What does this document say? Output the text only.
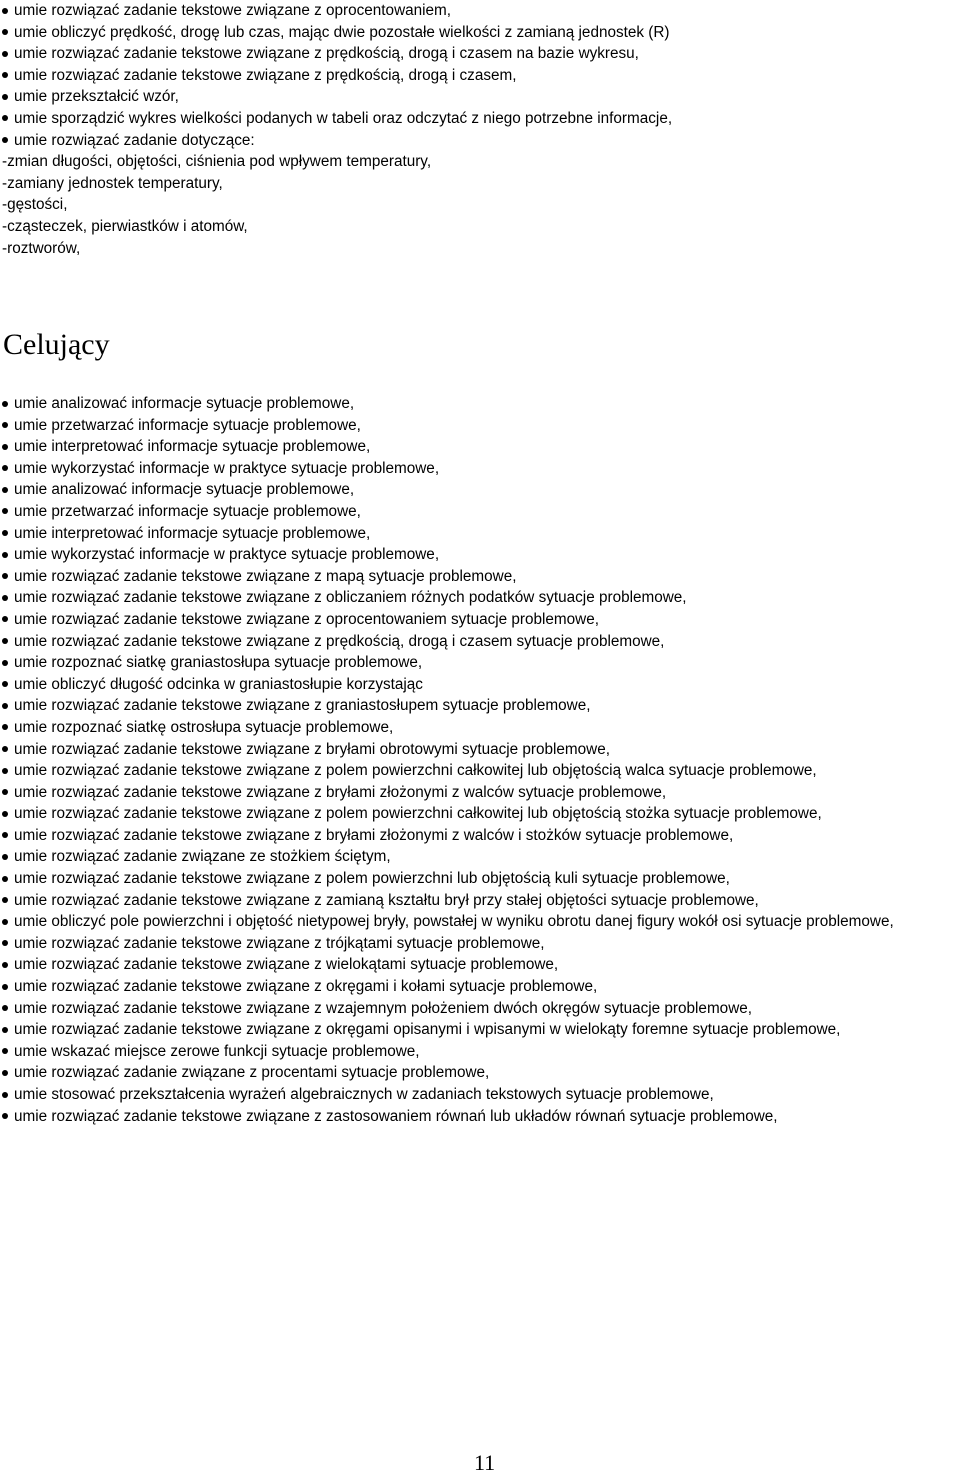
umie rozwiązać zadanie tekstowe związane z oprocentowaniem,
umie obliczyć prędkość, drogę lub czas, mając dwie pozostałe wielkości z zamianą jednostek (R)
umie rozwiązać zadanie tekstowe związane z prędkością, drogą i czasem na bazie wykresu,
umie rozwiązać zadanie tekstowe związane z prędkością, drogą i czasem,
umie przekształcić wzór,
umie sporządzić wykres wielkości podanych w tabeli oraz odczytać z niego potrzebne informacje,
umie rozwiązać zadanie dotyczące:
-zmian długości, objętości, ciśnienia pod wpływem temperatury,
-zamiany jednostek temperatury,
-gęstości,
-cząsteczek, pierwiastków i atomów,
-roztworów,
Celujący
umie analizować informacje sytuacje problemowe,
umie przetwarzać informacje sytuacje problemowe,
umie interpretować informacje sytuacje problemowe,
umie wykorzystać informacje w praktyce sytuacje problemowe,
umie analizować informacje sytuacje problemowe,
umie przetwarzać informacje sytuacje problemowe,
umie interpretować informacje sytuacje problemowe,
umie wykorzystać informacje w praktyce sytuacje problemowe,
umie rozwiązać zadanie tekstowe związane z mapą sytuacje problemowe,
umie rozwiązać zadanie tekstowe związane z obliczaniem różnych podatków sytuacje problemowe,
umie rozwiązać zadanie tekstowe związane z oprocentowaniem sytuacje problemowe,
umie rozwiązać zadanie tekstowe związane z prędkością, drogą i czasem sytuacje problemowe,
umie rozpoznać siatkę graniastosłupa sytuacje problemowe,
umie obliczyć długość odcinka w graniastosłupie korzystając
umie rozwiązać zadanie tekstowe związane z graniastosłupem sytuacje problemowe,
umie rozpoznać siatkę ostrosłupa sytuacje problemowe,
umie rozwiązać zadanie tekstowe związane z bryłami obrotowymi sytuacje problemowe,
umie rozwiązać zadanie tekstowe związane z polem powierzchni całkowitej lub objętością walca sytuacje problemowe,
umie rozwiązać zadanie tekstowe związane z bryłami złożonymi z walców sytuacje problemowe,
umie rozwiązać zadanie tekstowe związane z polem powierzchni całkowitej lub objętością stożka sytuacje problemowe,
umie rozwiązać zadanie tekstowe związane z bryłami złożonymi z walców i stożków sytuacje problemowe,
umie rozwiązać zadanie związane ze stożkiem ściętym,
umie rozwiązać zadanie tekstowe związane z polem powierzchni lub objętością kuli sytuacje problemowe,
umie rozwiązać zadanie tekstowe związane z zamianą kształtu brył przy stałej objętości sytuacje problemowe,
umie obliczyć pole powierzchni i objętość nietypowej bryły, powstałej w wyniku obrotu danej figury wokół osi sytuacje problemowe,
umie rozwiązać zadanie tekstowe związane z trójkątami sytuacje problemowe,
umie rozwiązać zadanie tekstowe związane z wielokątami sytuacje problemowe,
umie rozwiązać zadanie tekstowe związane z okręgami i kołami sytuacje problemowe,
umie rozwiązać zadanie tekstowe związane z wzajemnym położeniem dwóch okręgów sytuacje problemowe,
umie rozwiązać zadanie tekstowe związane z okręgami opisanymi i wpisanymi w wielokąty foremne sytuacje problemowe,
umie wskazać miejsce zerowe funkcji sytuacje problemowe,
umie rozwiązać zadanie związane z procentami sytuacje problemowe,
umie stosować przekształcenia wyrażeń algebraicznych w zadaniach tekstowych sytuacje problemowe,
umie rozwiązać zadanie tekstowe związane z zastosowaniem równań lub układów równań sytuacje problemowe,
11
